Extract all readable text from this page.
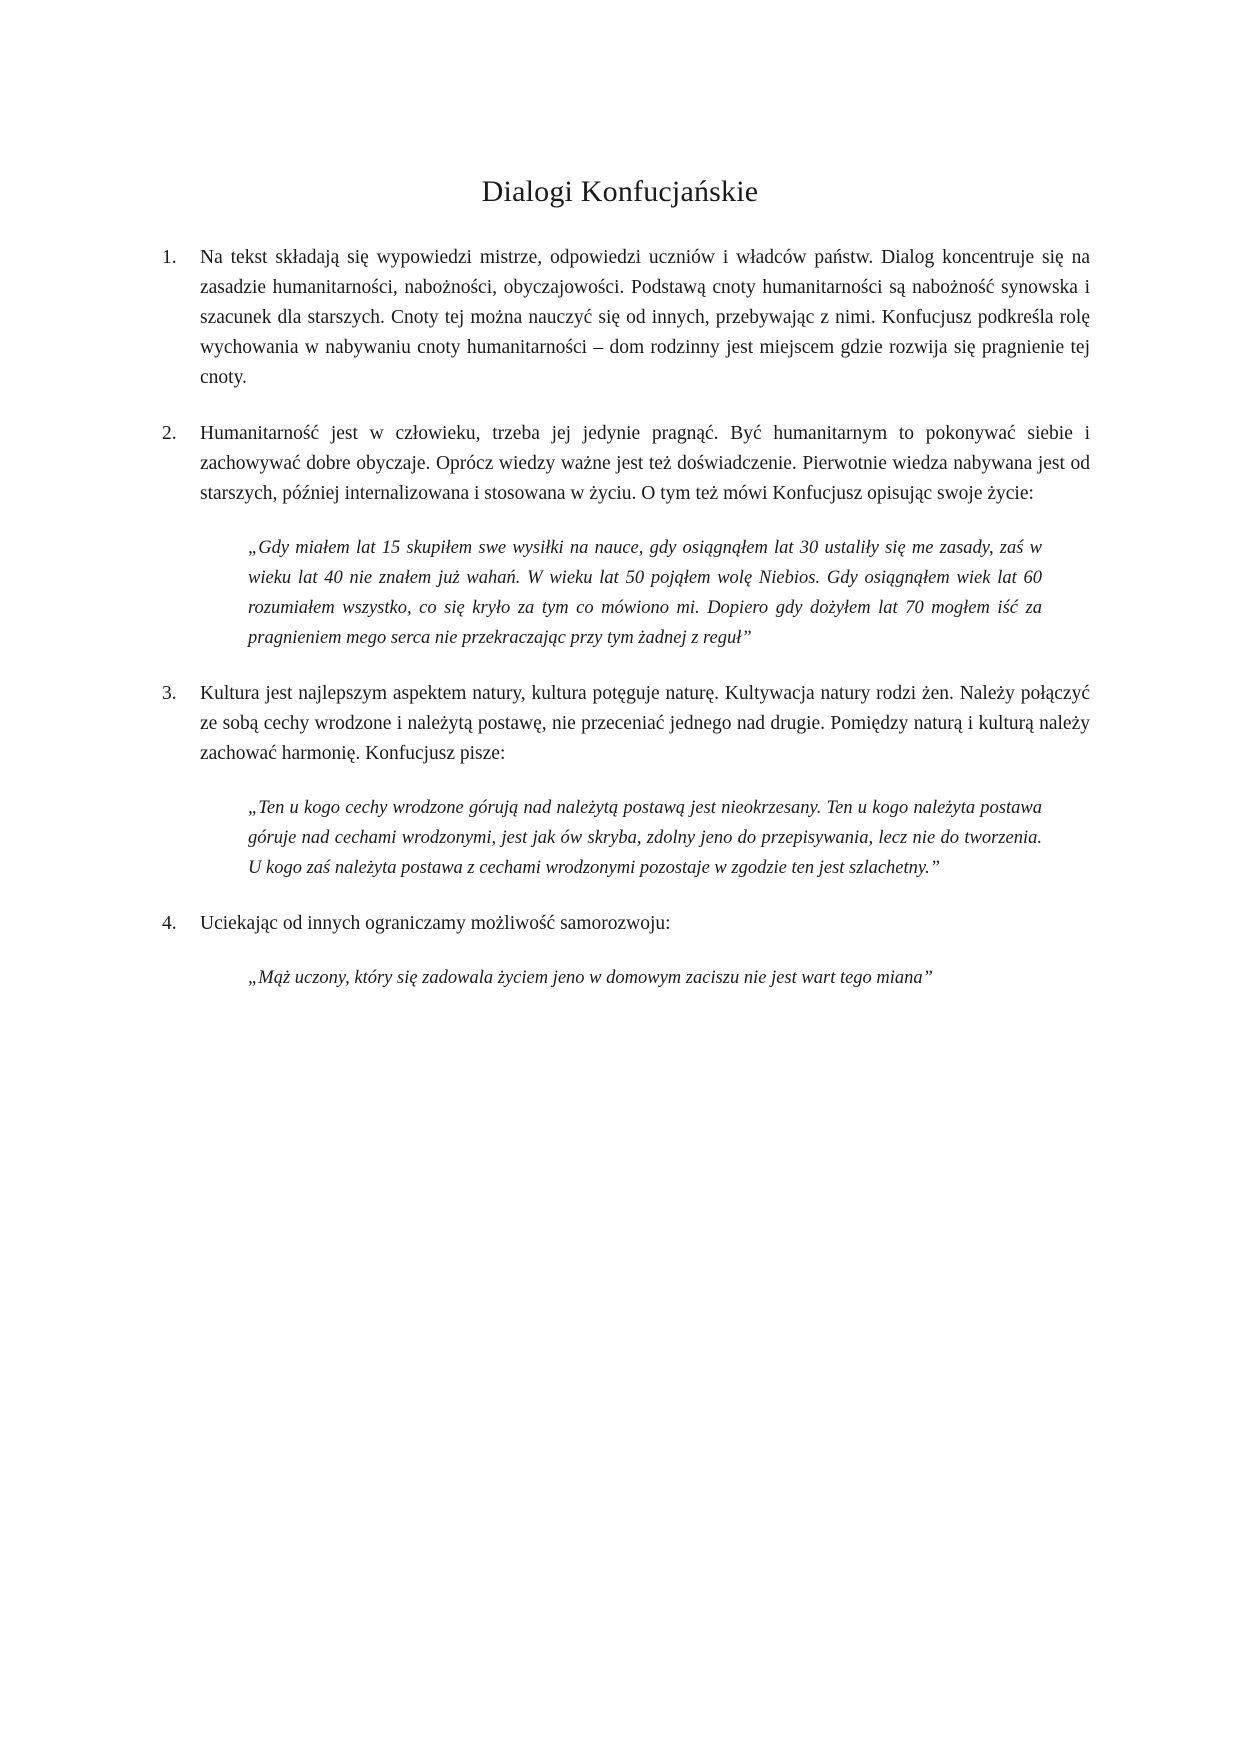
Dialogi Konfucjańskie
1. Na tekst składają się wypowiedzi mistrze, odpowiedzi uczniów i władców państw. Dialog koncentruje się na zasadzie humanitarności, nabożności, obyczajowości. Podstawą cnoty humanitarności są nabożność synowska i szacunek dla starszych. Cnoty tej można nauczyć się od innych, przebywając z nimi. Konfucjusz podkreśla rolę wychowania w nabywaniu cnoty humanitarności – dom rodzinny jest miejscem gdzie rozwija się pragnienie tej cnoty.

2. Humanitarność jest w człowieku, trzeba jej jedynie pragnąć. Być humanitarnym to pokonywać siebie i zachowywać dobre obyczaje. Oprócz wiedzy ważne jest też doświadczenie. Pierwotnie wiedza nabywana jest od starszych, później internalizowana i stosowana w życiu. O tym też mówi Konfucjusz opisując swoje życie:

„Gdy miałem lat 15 skupiłem swe wysiłki na nauce, gdy osiągnąłem lat 30 ustaliły się me zasady, zaś w wieku lat 40 nie znałem już wahań. W wieku lat 50 pojąłem wolę Niebios. Gdy osiągnąłem wiek lat 60 rozumiałem wszystko, co się kryło za tym co mówiono mi. Dopiero gdy dożyłem lat 70 mogłem iść za pragnieniem mego serca nie przekraczając przy tym żadnej z reguł”

3. Kultura jest najlepszym aspektem natury, kultura potęguje naturę. Kultywacja natury rodzi żen. Należy połączyć ze sobą cechy wrodzone i należytą postawę, nie przeceniać jednego nad drugie. Pomiędzy naturą i kulturą należy zachować harmonię. Konfucjusz pisze:

„Ten u kogo cechy wrodzone górują nad należytą postawą jest nieokrzesany. Ten u kogo należyta postawa góruje nad cechami wrodzonymi, jest jak ów skryba, zdolny jeno do przepisywania, lecz nie do tworzenia. U kogo zaś należyta postawa z cechami wrodzonymi pozostaje w zgodzie ten jest szlachetny.”

4. Uciekając od innych ograniczamy możliwość samorozwoju:

„Mąż uczony, który się zadowala życiem jeno w domowym zaciszu nie jest wart tego miana”
